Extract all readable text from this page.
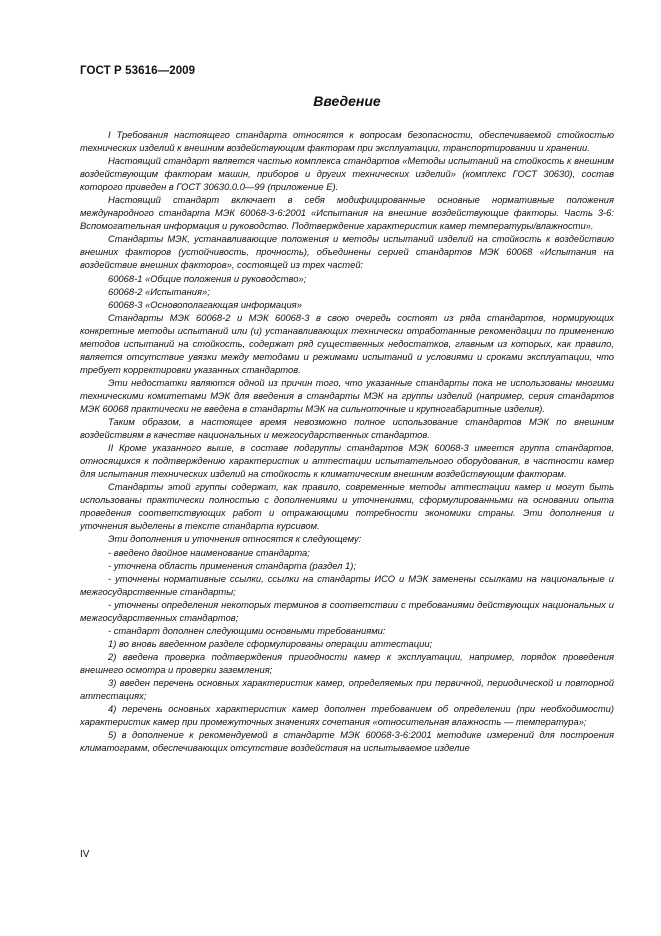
ГОСТ Р 53616—2009
Введение

I Требования настоящего стандарта относятся к вопросам безопасности, обеспечиваемой стойкостью технических изделий к внешним воздействующим факторам при эксплуатации, транспортировании и хранении.

Настоящий стандарт является частью комплекса стандартов «Методы испытаний на стойкость к внешним воздействующим факторам машин, приборов и других технических изделий» (комплекс ГОСТ 30630), состав которого приведен в ГОСТ 30630.0.0—99 (приложение Е).

Настоящий стандарт включает в себя модифицированные основные нормативные положения международного стандарта МЭК 60068-3-6:2001 «Испытания на внешние воздействующие факторы. Часть 3-6: Вспомогательная информация и руководство. Подтверждение характеристик камер температуры/влажности».

Стандарты МЭК, устанавливающие положения и методы испытаний изделий на стойкость к воздействию внешних факторов (устойчивость, прочность), объединены серией стандартов МЭК 60068 «Испытания на воздействие внешних факторов», состоящей из трех частей:

60068-1 «Общие положения и руководство»;

60068-2 «Испытания»;

60068-3 «Основополагающая информация»

Стандарты МЭК 60068-2 и МЭК 60068-3 в свою очередь состоят из ряда стандартов, нормирующих конкретные методы испытаний или (и) устанавливающих технически отработанные рекомендации по применению методов испытаний на стойкость, содержат ряд существенных недостатков, главным из которых, как правило, является отсутствие увязки между методами и режимами испытаний и условиями и сроками эксплуатации, что требует корректировки указанных стандартов.

Эти недостатки являются одной из причин того, что указанные стандарты пока не использованы многими техническими комитетами МЭК для введения в стандарты МЭК на группы изделий (например, серия стандартов МЭК 60068 практически не введена в стандарты МЭК на сильноточные и крупногабаритные изделия).

Таким образом, в настоящее время невозможно полное использование стандартов МЭК по внешним воздействиям в качестве национальных и межгосударственных стандартов.

II Кроме указанного выше, в составе подгруппы стандартов МЭК 60068-3 имеется группа стандартов, относящихся к подтверждению характеристик и аттестации испытательного оборудования, в частности камер для испытания технических изделий на стойкость к климатическим внешним воздействующим факторам.

Стандарты этой группы содержат, как правило, современные методы аттестации камер и могут быть использованы практически полностью с дополнениями и уточнениями, сформулированными на основании опыта проведения соответствующих работ и отражающими потребности экономики страны. Эти дополнения и уточнения выделены в тексте стандарта курсивом.

Эти дополнения и уточнения относятся к следующему:

- введено двойное наименование стандарта;

- уточнена область применения стандарта (раздел 1);

- уточнены нормативные ссылки, ссылки на стандарты ИСО и МЭК заменены ссылками на национальные и межгосударственные стандарты;

- уточнены определения некоторых терминов в соответствии с требованиями действующих национальных и межгосударственных стандартов;

- стандарт дополнен следующими основными требованиями:

1) во вновь введенном разделе сформулированы операции аттестации;

2) введена проверка подтверждения пригодности камер к эксплуатации, например, порядок проведения внешнего осмотра и проверки заземления;

3) введен перечень основных характеристик камер, определяемых при первичной, периодической и повторной аттестациях;

4) перечень основных характеристик камер дополнен требованием об определении (при необходимости) характеристик камер при промежуточных значениях сочетания «относительная влажность — температура»;

5) в дополнение к рекомендуемой в стандарте МЭК 60068-3-6:2001 методике измерений для построения климатограмм, обеспечивающих отсутствие воздействия на испытываемое изделие

IV
